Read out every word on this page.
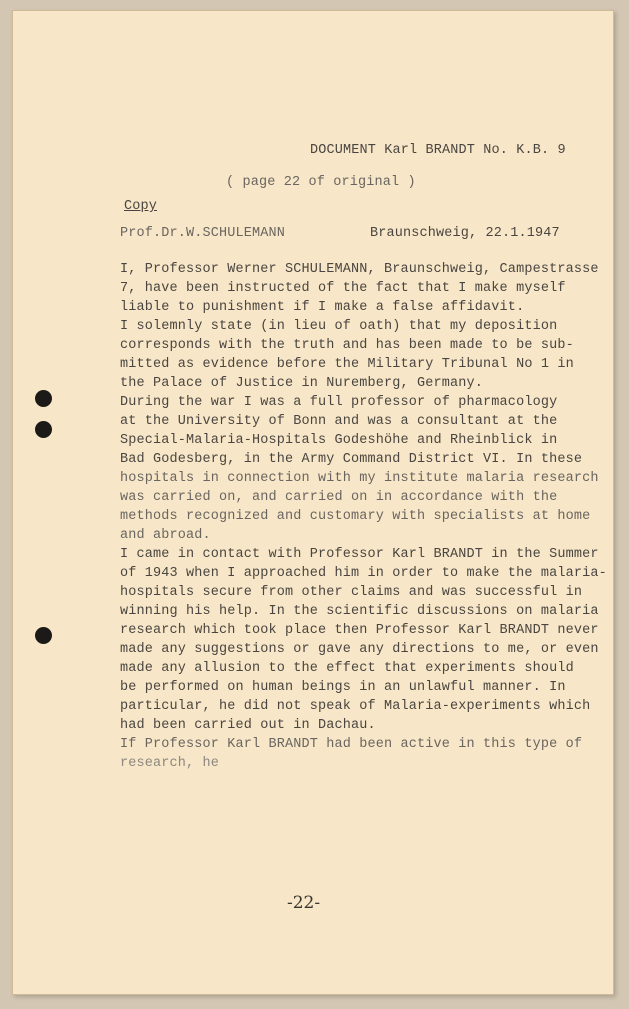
DOCUMENT Karl BRANDT No. K.B. 9
( page 22 of original )
Copy
Prof.Dr.W.SCHULEMANN	Braunschweig, 22.1.1947
I, Professor Werner SCHULEMANN, Braunschweig, Campestrasse
7, have been instructed of the fact that I make myself
liable to punishment if I make a false affidavit.
I solemnly state (in lieu of oath) that my deposition
corresponds with the truth and has been made to be sub-
mitted as evidence before the Military Tribunal No 1 in
the Palace of Justice in Nuremberg, Germany.
During the war I was a full professor of pharmacology
at the University of Bonn and was a consultant at the
Special-Malaria-Hospitals Godeshöhe and Rheinblick in
Bad Godesberg, in the Army Command District VI. In these
hospitals in connection with my institute malaria research
was carried on, and carried on in accordance with the
methods recognized and customary with specialists at home
and abroad.
I came in contact with Professor Karl BRANDT in the Summer
of 1943 when I approached him in order to make the malaria-
hospitals secure from other claims and was successful in
winning his help. In the scientific discussions on malaria
research which took place then Professor Karl BRANDT never
made any suggestions or gave any directions to me, or even
made any allusion to the effect that experiments should
be performed on human beings in an unlawful manner. In
particular, he did not speak of Malaria-experiments which
had been carried out in Dachau.
If Professor Karl BRANDT had been active in this type of
research, he
-22-
